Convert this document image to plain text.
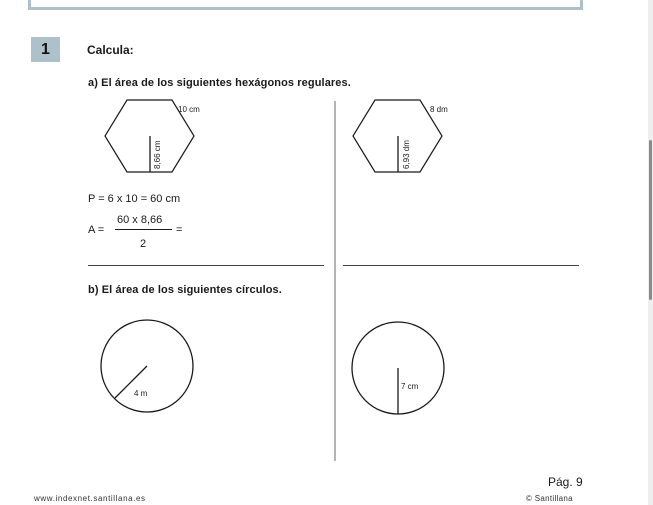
1	Calcula:
a) El área de los siguientes hexágonos regulares.
10 cm
8,66 cm
8 dm
6,93 dm
4 m
7 cm
P = 6 x 10 = 60 cm
A =
60 x 8,66
2
=
b) El área de los siguientes círculos.
Pág. 9
www.indexnet.santillana.es	© Santillana
